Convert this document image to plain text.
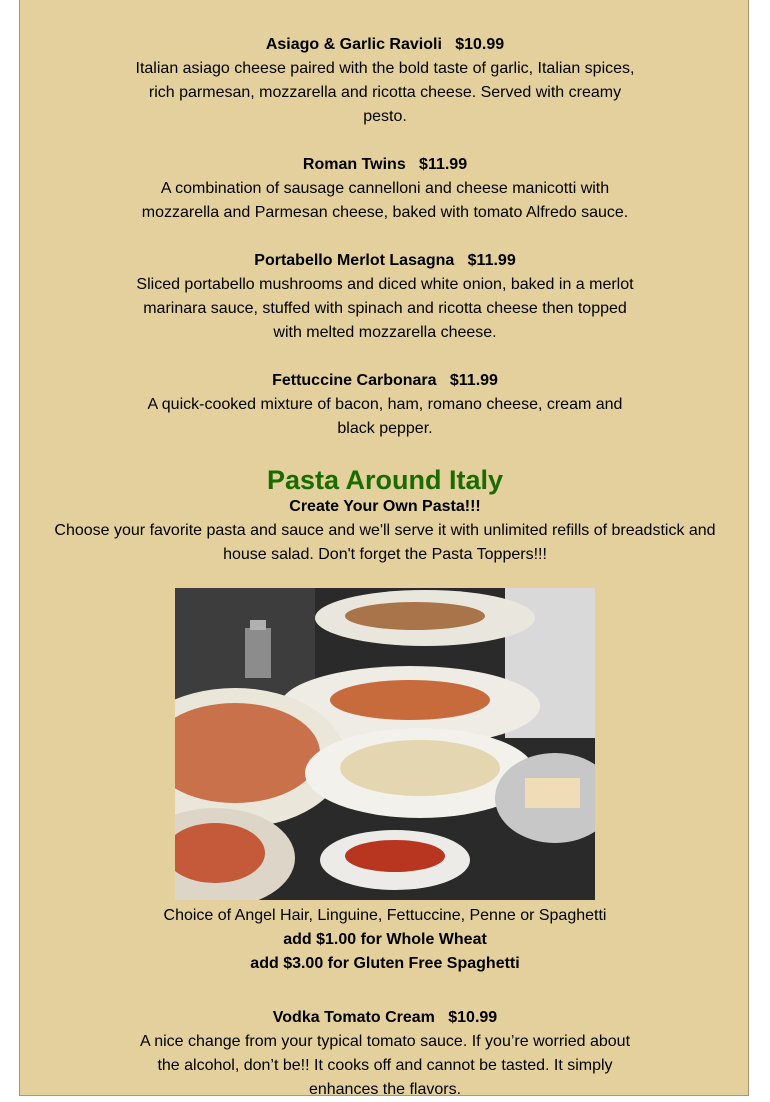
Asiago & Garlic Ravioli   $10.99
Italian asiago cheese paired with the bold taste of garlic, Italian spices, rich parmesan, mozzarella and ricotta cheese. Served with creamy pesto.
Roman Twins   $11.99
A combination of sausage cannelloni and cheese manicotti with mozzarella and Parmesan cheese, baked with tomato Alfredo sauce.
Portabello Merlot Lasagna   $11.99
Sliced portabello mushrooms and diced white onion, baked in a merlot marinara sauce, stuffed with spinach and ricotta cheese then topped with melted mozzarella cheese.
Fettuccine Carbonara   $11.99
A quick-cooked mixture of bacon, ham, romano cheese, cream and black pepper.
Pasta Around Italy
Create Your Own Pasta!!!
Choose your favorite pasta and sauce and we'll serve it with unlimited refills of breadstick and house salad. Don't forget the Pasta Toppers!!!
Choice of Angel Hair, Linguine, Fettuccine, Penne or Spaghetti
add $1.00 for Whole Wheat
add $3.00 for Gluten Free Spaghetti
Vodka Tomato Cream   $10.99
A nice change from your typical tomato sauce. If you’re worried about the alcohol, don’t be!! It cooks off and cannot be tasted. It simply enhances the flavors.
